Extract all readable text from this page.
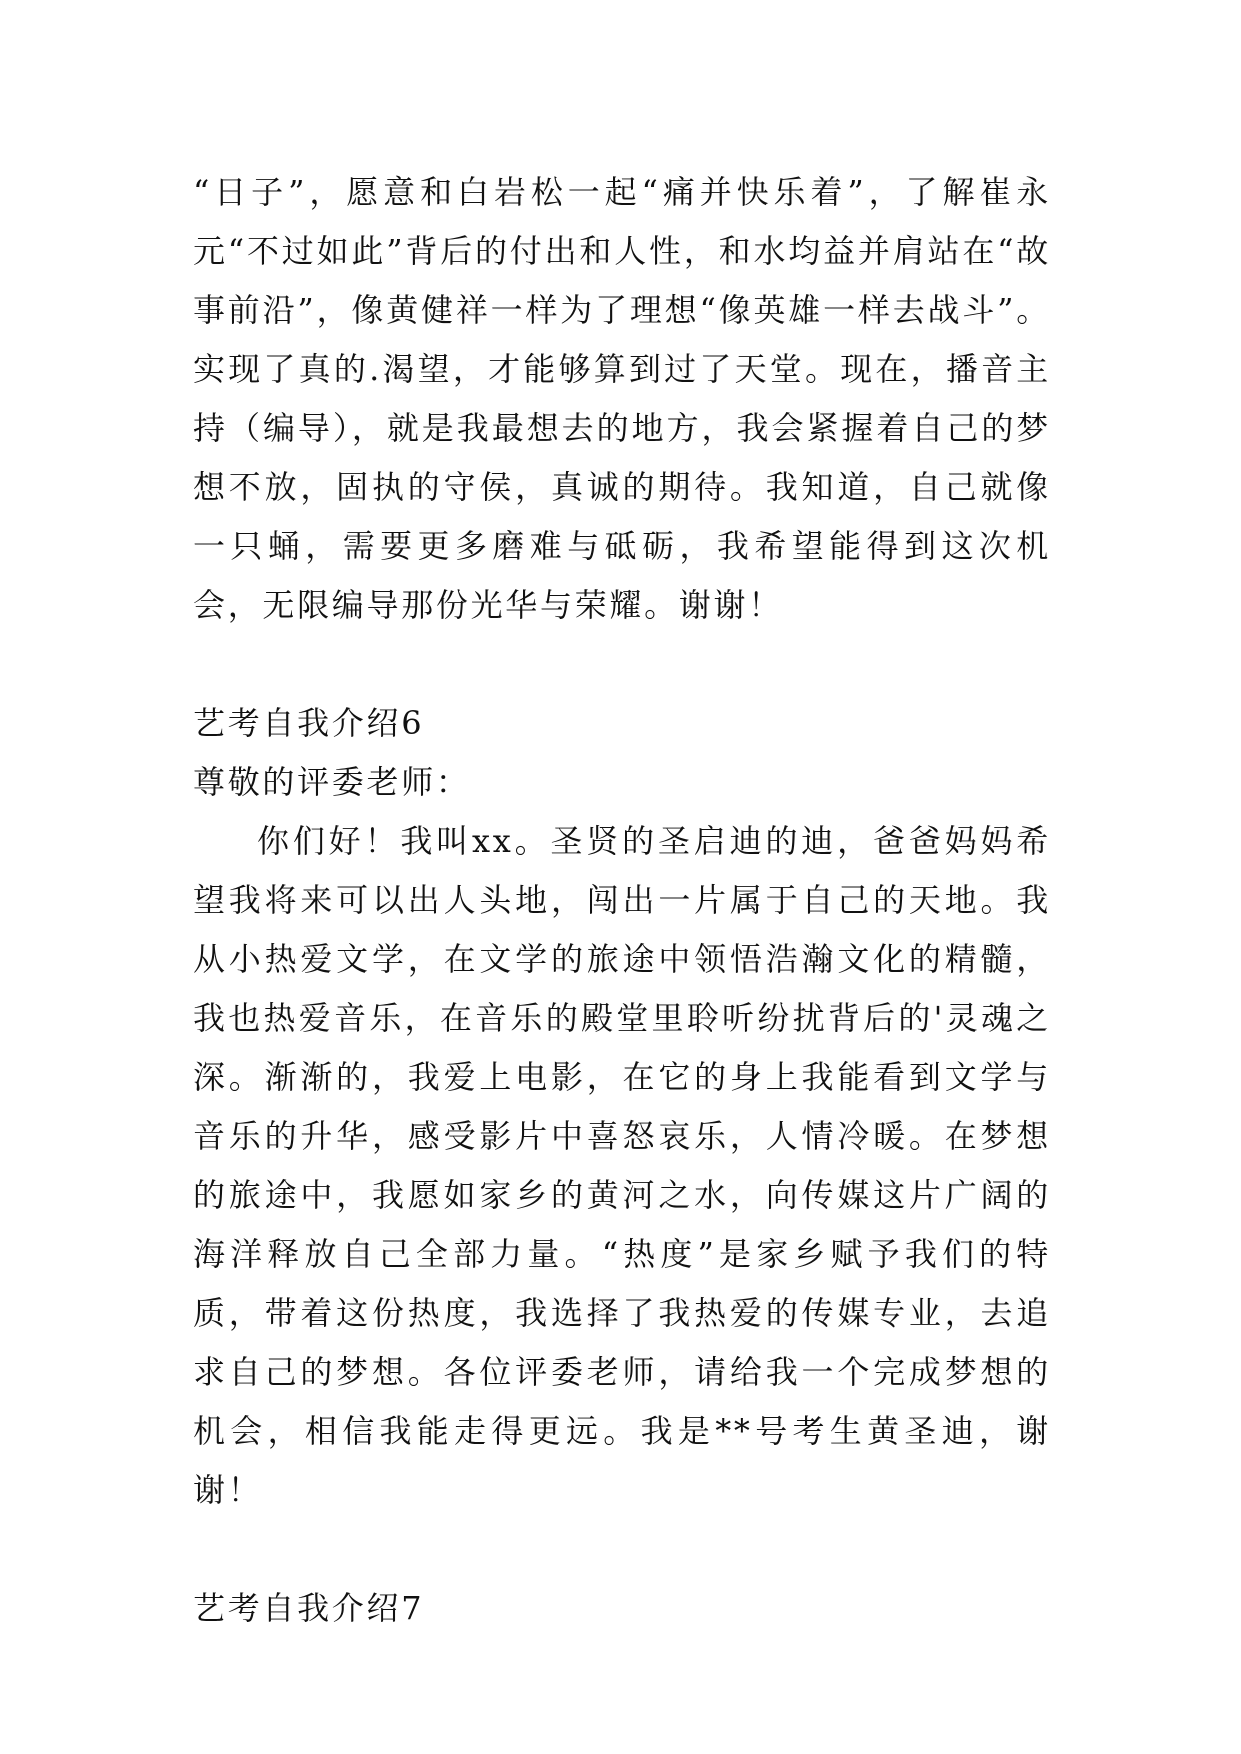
“日子”，愿意和白岩松一起“痛并快乐着”，了解崔永元“不过如此”背后的付出和人性，和水均益并肩站在“故事前沿”，像黄健祥一样为了理想“像英雄一样去战斗”。实现了真的.渴望，才能够算到过了天堂。现在，播音主持（编导），就是我最想去的地方，我会紧握着自己的梦想不放，固执的守侯，真诚的期待。我知道，自己就像一只蛹，需要更多磨难与砥砺，我希望能得到这次机会，无限编导那份光华与荣耀。谢谢！

艺考自我介绍6

尊敬的评委老师：

你们好！我叫xx。圣贤的圣启迪的迪，爸爸妈妈希望我将来可以出人头地，闯出一片属于自己的天地。我从小热爱文学，在文学的旅途中领悟浩瀚文化的精髓，我也热爱音乐，在音乐的殿堂里聆听纷扰背后的'灵魂之深。渐渐的，我爱上电影，在它的身上我能看到文学与音乐的升华，感受影片中喜怒哀乐，人情冷暖。在梦想的旅途中，我愿如家乡的黄河之水，向传媒这片广阔的海洋释放自己全部力量。“热度”是家乡赋予我们的特质，带着这份热度，我选择了我热爱的传媒专业，去追求自己的梦想。各位评委老师，请给我一个完成梦想的机会，相信我能走得更远。我是**号考生黄圣迪，谢谢！

艺考自我介绍7
